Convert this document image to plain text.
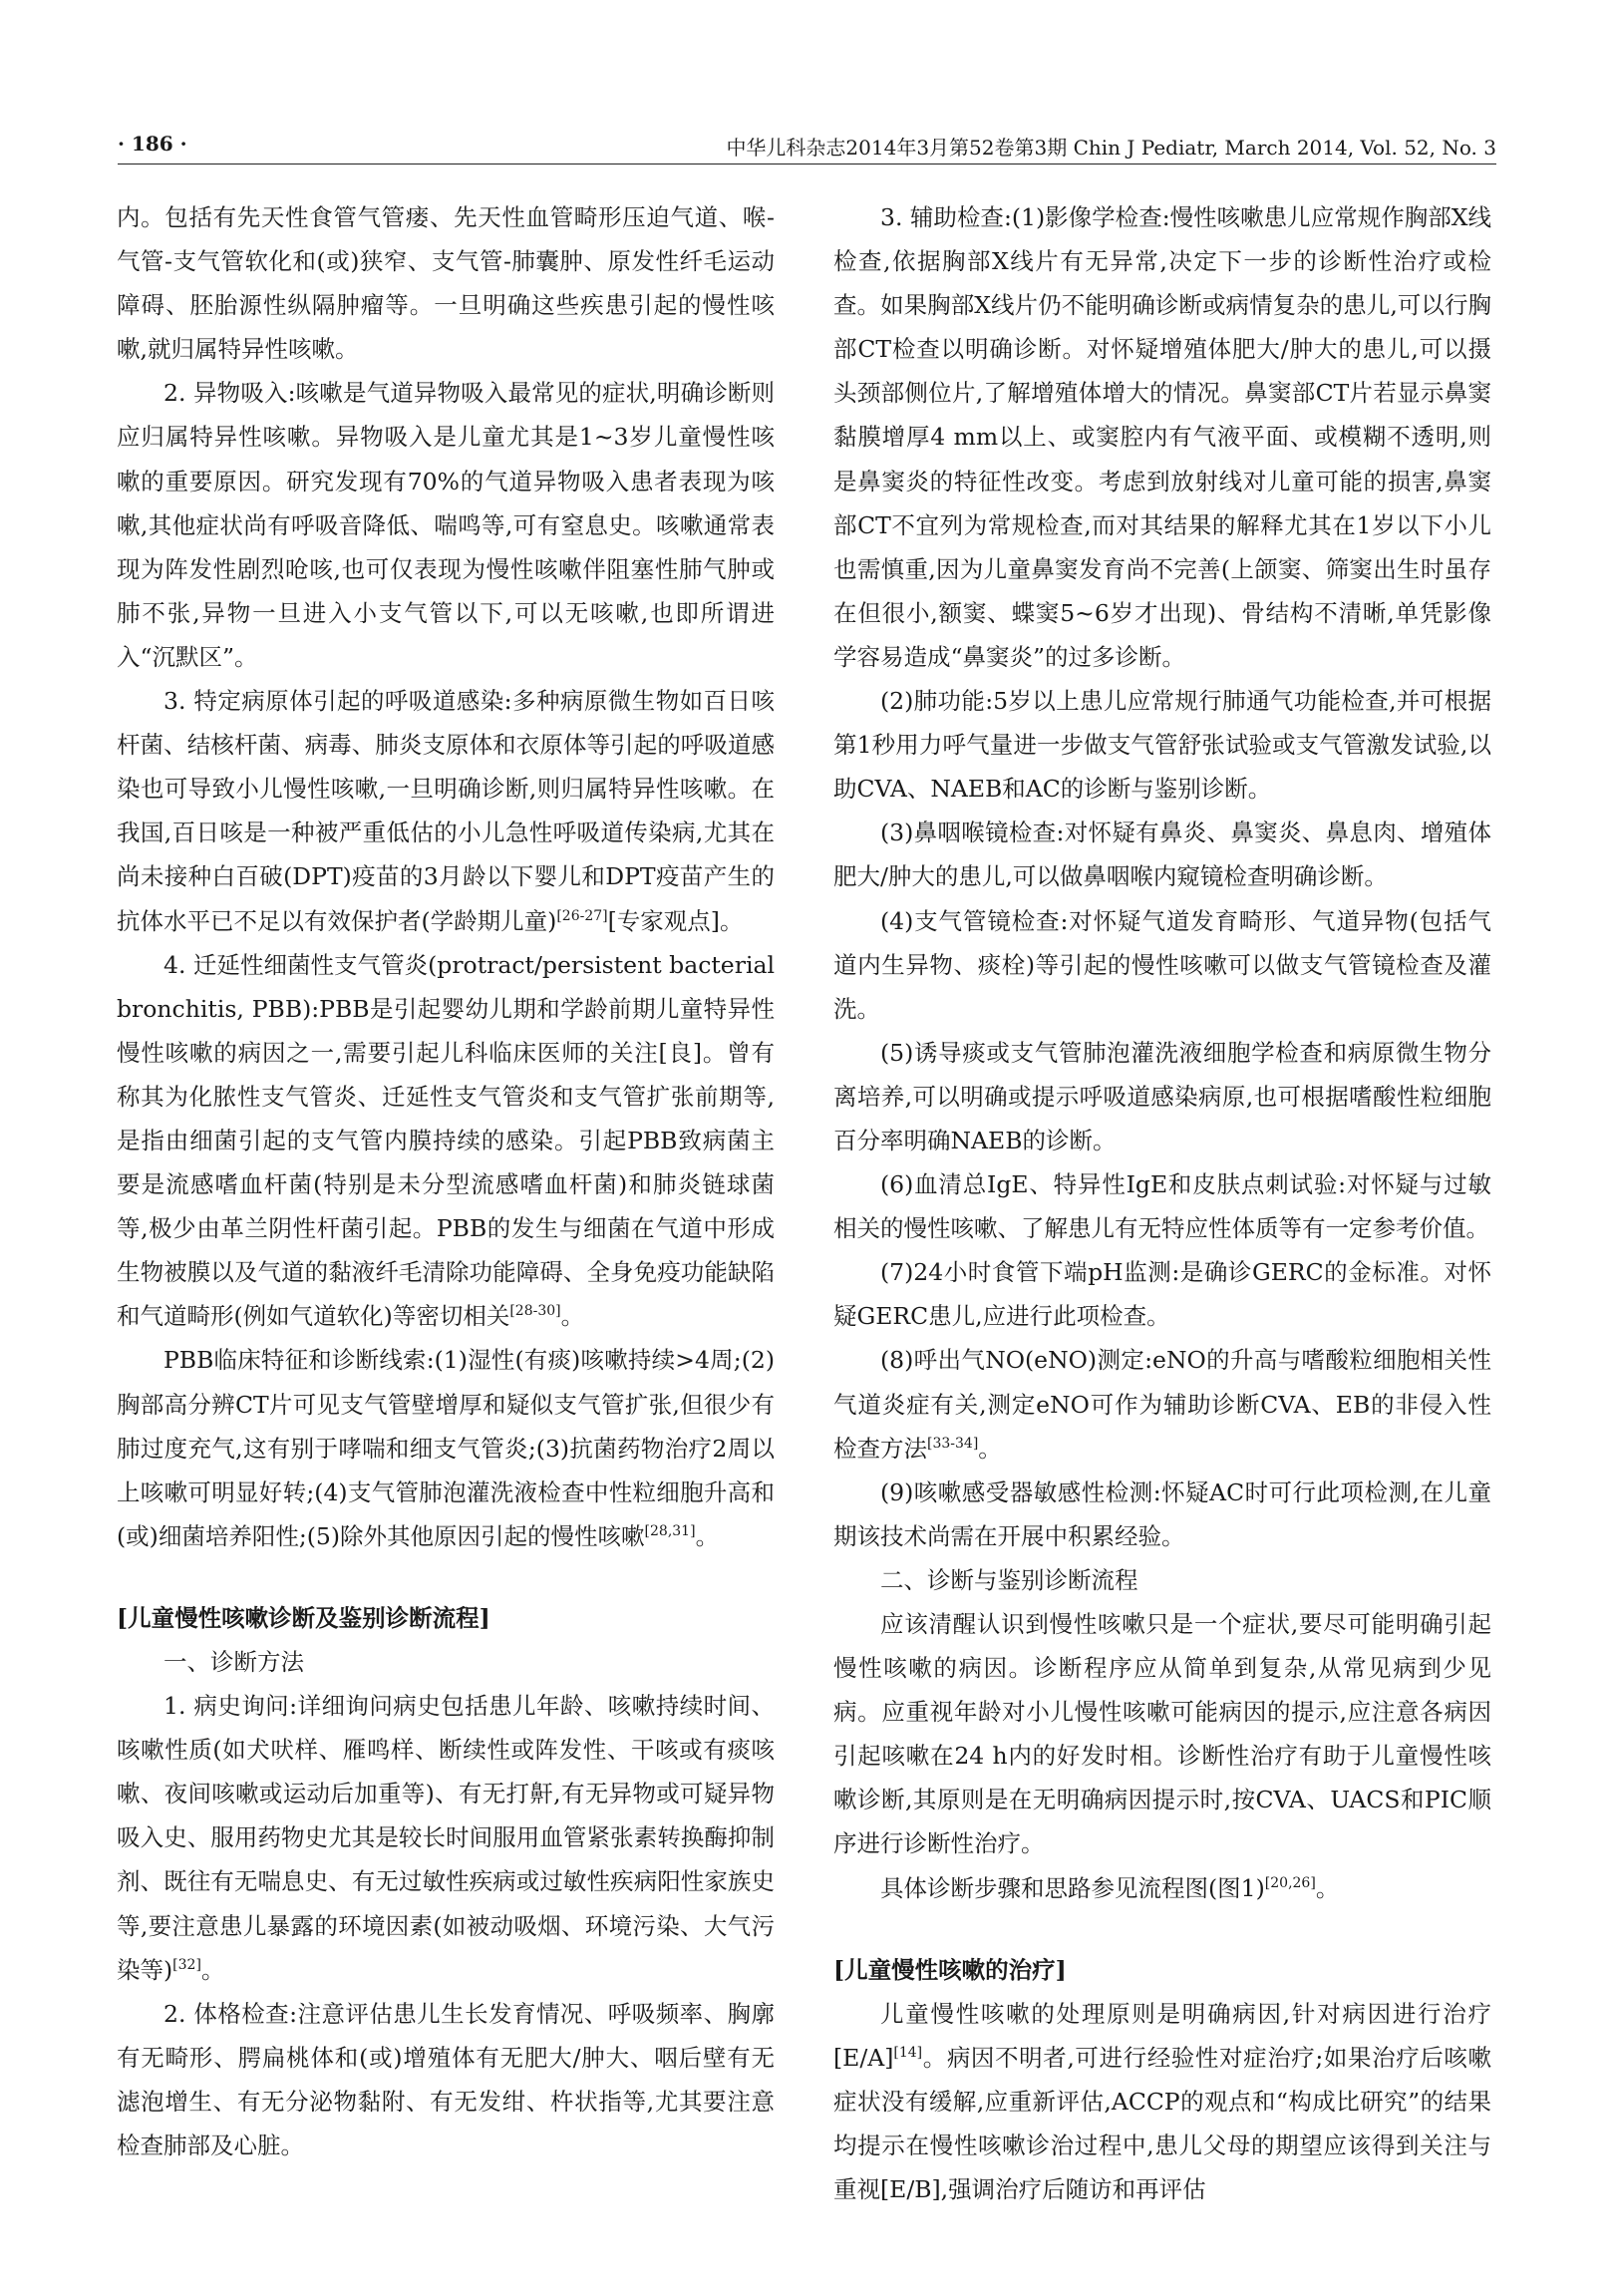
· 186 ·	中华儿科杂志2014年3月第52卷第3期 Chin J Pediatr, March 2014, Vol. 52, No. 3

内。包括有先天性食管气管瘘、先天性血管畸形压迫气道、喉-气管-支气管软化和(或)狭窄、支气管-肺囊肿、原发性纤毛运动障碍、胚胎源性纵隔肿瘤等。一旦明确这些疾患引起的慢性咳嗽,就归属特异性咳嗽。

2. 异物吸入:咳嗽是气道异物吸入最常见的症状,明确诊断则应归属特异性咳嗽。异物吸入是儿童尤其是1~3岁儿童慢性咳嗽的重要原因。研究发现有70%的气道异物吸入患者表现为咳嗽,其他症状尚有呼吸音降低、喘鸣等,可有窒息史。咳嗽通常表现为阵发性剧烈呛咳,也可仅表现为慢性咳嗽伴阻塞性肺气肿或肺不张,异物一旦进入小支气管以下,可以无咳嗽,也即所谓进入“沉默区”。

3. 特定病原体引起的呼吸道感染:多种病原微生物如百日咳杆菌、结核杆菌、病毒、肺炎支原体和衣原体等引起的呼吸道感染也可导致小儿慢性咳嗽,一旦明确诊断,则归属特异性咳嗽。在我国,百日咳是一种被严重低估的小儿急性呼吸道传染病,尤其在尚未接种白百破(DPT)疫苗的3月龄以下婴儿和DPT疫苗产生的抗体水平已不足以有效保护者(学龄期儿童)[26-27][专家观点]。

4. 迁延性细菌性支气管炎(protract/persistent bacterial bronchitis, PBB):PBB是引起婴幼儿期和学龄前期儿童特异性慢性咳嗽的病因之一,需要引起儿科临床医师的关注[良]。曾有称其为化脓性支气管炎、迁延性支气管炎和支气管扩张前期等,是指由细菌引起的支气管内膜持续的感染。引起PBB致病菌主要是流感嗜血杆菌(特别是未分型流感嗜血杆菌)和肺炎链球菌等,极少由革兰阴性杆菌引起。PBB的发生与细菌在气道中形成生物被膜以及气道的黏液纤毛清除功能障碍、全身免疫功能缺陷和气道畸形(例如气道软化)等密切相关[28-30]。

PBB临床特征和诊断线索:(1)湿性(有痰)咳嗽持续>4周;(2)胸部高分辨CT片可见支气管壁增厚和疑似支气管扩张,但很少有肺过度充气,这有别于哮喘和细支气管炎;(3)抗菌药物治疗2周以上咳嗽可明显好转;(4)支气管肺泡灌洗液检查中性粒细胞升高和(或)细菌培养阳性;(5)除外其他原因引起的慢性咳嗽[28,31]。

[儿童慢性咳嗽诊断及鉴别诊断流程]

一、诊断方法

1. 病史询问:详细询问病史包括患儿年龄、咳嗽持续时间、咳嗽性质(如犬吠样、雁鸣样、断续性或阵发性、干咳或有痰咳嗽、夜间咳嗽或运动后加重等)、有无打鼾,有无异物或可疑异物吸入史、服用药物史尤其是较长时间服用血管紧张素转换酶抑制剂、既往有无喘息史、有无过敏性疾病或过敏性疾病阳性家族史等,要注意患儿暴露的环境因素(如被动吸烟、环境污染、大气污染等)[32]。

2. 体格检查:注意评估患儿生长发育情况、呼吸频率、胸廓有无畸形、腭扁桃体和(或)增殖体有无肥大/肿大、咽后壁有无滤泡增生、有无分泌物黏附、有无发绀、杵状指等,尤其要注意检查肺部及心脏。

3. 辅助检查:(1)影像学检查:慢性咳嗽患儿应常规作胸部X线检查,依据胸部X线片有无异常,决定下一步的诊断性治疗或检查。如果胸部X线片仍不能明确诊断或病情复杂的患儿,可以行胸部CT检查以明确诊断。对怀疑增殖体肥大/肿大的患儿,可以摄头颈部侧位片,了解增殖体增大的情况。鼻窦部CT片若显示鼻窦黏膜增厚4 mm以上、或窦腔内有气液平面、或模糊不透明,则是鼻窦炎的特征性改变。考虑到放射线对儿童可能的损害,鼻窦部CT不宜列为常规检查,而对其结果的解释尤其在1岁以下小儿也需慎重,因为儿童鼻窦发育尚不完善(上颌窦、筛窦出生时虽存在但很小,额窦、蝶窦5~6岁才出现)、骨结构不清晰,单凭影像学容易造成“鼻窦炎”的过多诊断。

(2)肺功能:5岁以上患儿应常规行肺通气功能检查,并可根据第1秒用力呼气量进一步做支气管舒张试验或支气管激发试验,以助CVA、NAEB和AC的诊断与鉴别诊断。

(3)鼻咽喉镜检查:对怀疑有鼻炎、鼻窦炎、鼻息肉、增殖体肥大/肿大的患儿,可以做鼻咽喉内窥镜检查明确诊断。

(4)支气管镜检查:对怀疑气道发育畸形、气道异物(包括气道内生异物、痰栓)等引起的慢性咳嗽可以做支气管镜检查及灌洗。

(5)诱导痰或支气管肺泡灌洗液细胞学检查和病原微生物分离培养,可以明确或提示呼吸道感染病原,也可根据嗜酸性粒细胞百分率明确NAEB的诊断。

(6)血清总IgE、特异性IgE和皮肤点刺试验:对怀疑与过敏相关的慢性咳嗽、了解患儿有无特应性体质等有一定参考价值。

(7)24小时食管下端pH监测:是确诊GERC的金标准。对怀疑GERC患儿,应进行此项检查。

(8)呼出气NO(eNO)测定:eNO的升高与嗜酸粒细胞相关性气道炎症有关,测定eNO可作为辅助诊断CVA、EB的非侵入性检查方法[33-34]。

(9)咳嗽感受器敏感性检测:怀疑AC时可行此项检测,在儿童期该技术尚需在开展中积累经验。

二、诊断与鉴别诊断流程

应该清醒认识到慢性咳嗽只是一个症状,要尽可能明确引起慢性咳嗽的病因。诊断程序应从简单到复杂,从常见病到少见病。应重视年龄对小儿慢性咳嗽可能病因的提示,应注意各病因引起咳嗽在24 h内的好发时相。诊断性治疗有助于儿童慢性咳嗽诊断,其原则是在无明确病因提示时,按CVA、UACS和PIC顺序进行诊断性治疗。

具体诊断步骤和思路参见流程图(图1)[20,26]。

[儿童慢性咳嗽的治疗]

儿童慢性咳嗽的处理原则是明确病因,针对病因进行治疗[E/A][14]。病因不明者,可进行经验性对症治疗;如果治疗后咳嗽症状没有缓解,应重新评估,ACCP的观点和“构成比研究”的结果均提示在慢性咳嗽诊治过程中,患儿父母的期望应该得到关注与重视[E/B],强调治疗后随访和再评估
